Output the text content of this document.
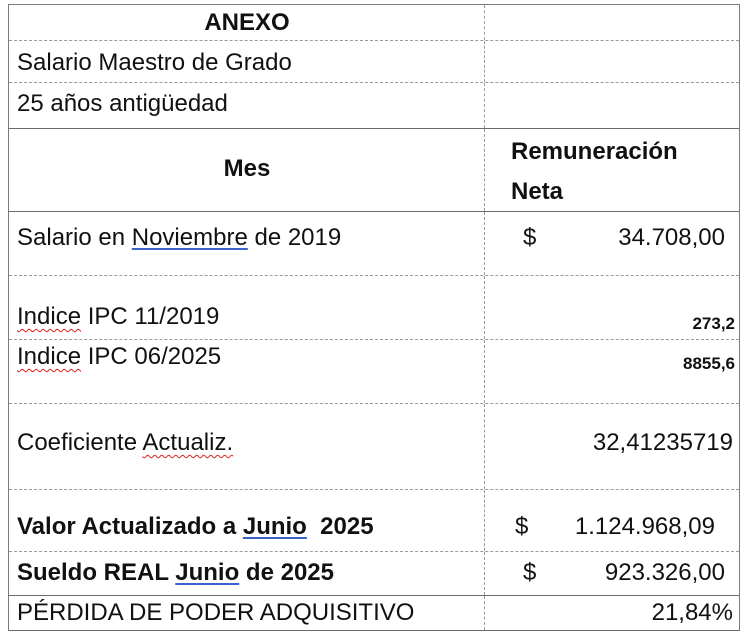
ANEXO
Salario Maestro de Grado
25 años antigüedad
Mes
Remuneración
Neta
Salario en Noviembre de 2019	$	34.708,00
Indice IPC 11/2019	273,2
Indice IPC 06/2025	8855,6
Coeficiente Actualiz.	32,41235719
Valor Actualizado a Junio  2025	$ 1.124.968,09
Sueldo REAL Junio de 2025	$	923.326,00
PÉRDIDA DE PODER ADQUISITIVO	21,84%
